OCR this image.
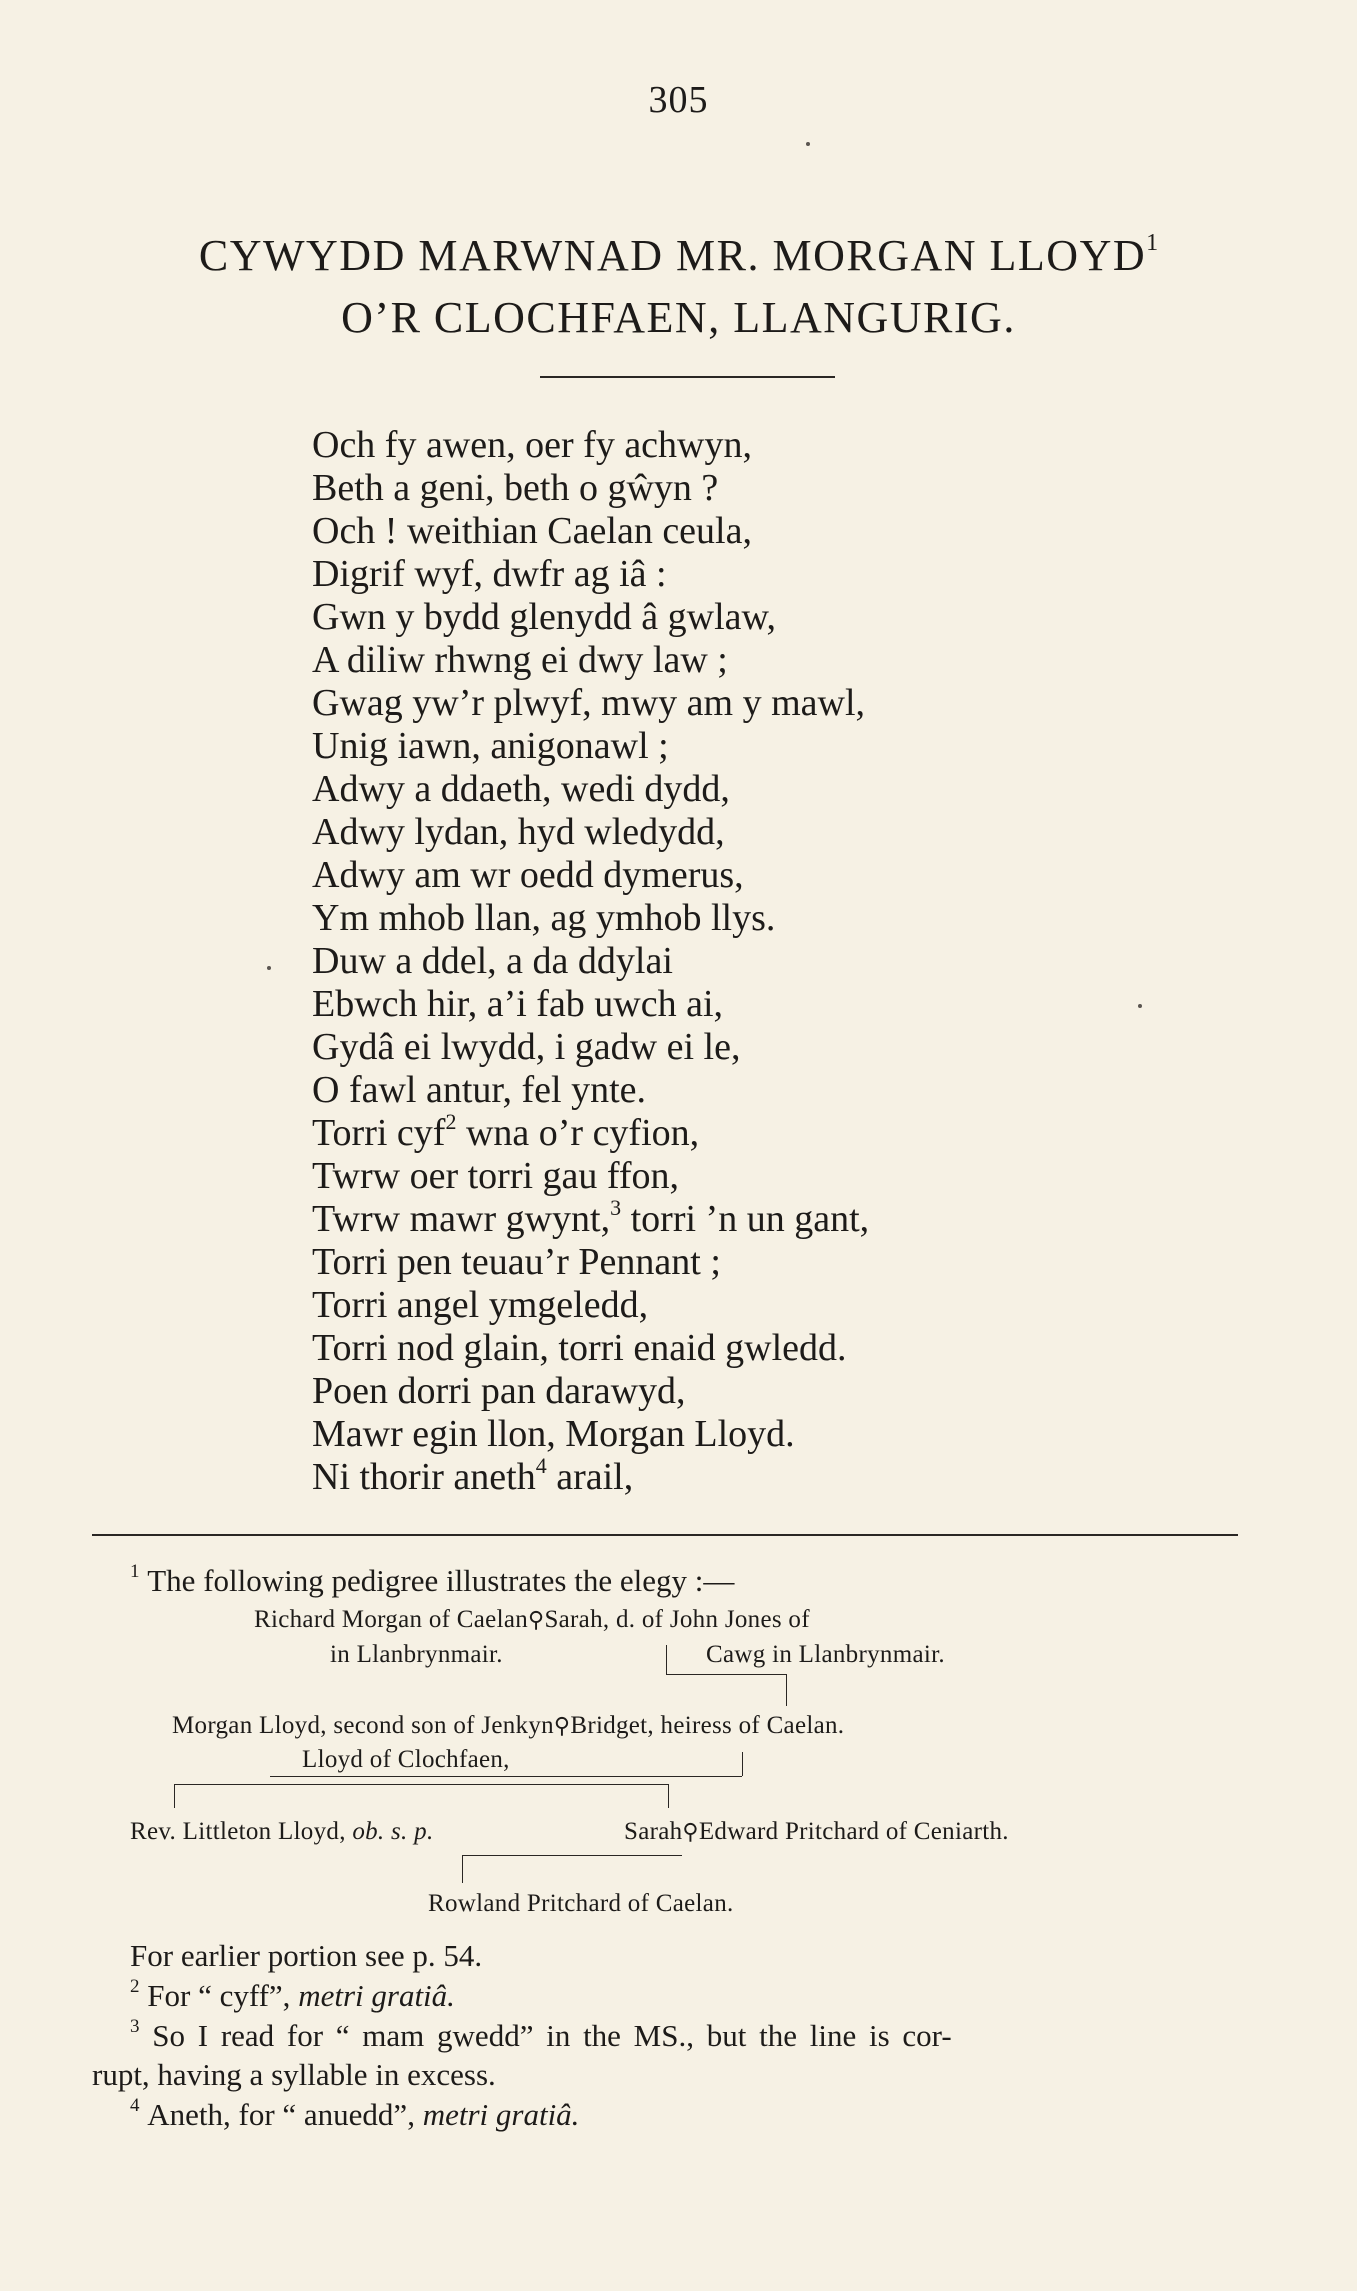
305
CYWYDD MARWNAD MR. MORGAN LLOYD$^1$
O’R CLOCHFAEN, LLANGURIG.
Och fy awen, oer fy achwyn,
Beth a geni, beth o gŵyn ?
Och ! weithian Caelan ceula,
Digrif wyf, dwfr ag iâ :
Gwn y bydd glenydd â gwlaw,
A diliw rhwng ei dwy law ;
Gwag yw’r plwyf, mwy am y mawl,
Unig iawn, anigonawl ;
Adwy a ddaeth, wedi dydd,
Adwy lydan, hyd wledydd,
Adwy am wr oedd dymerus,
Ym mhob llan, ag ymhob llys.
Duw a ddel, a da ddylai
Ebwch hir, a’i fab uwch ai,
Gydâ ei lwydd, i gadw ei le,
O fawl antur, fel ynte.
Torri cyf$^2$ wna o’r cyfion,
Twrw oer torri gau ffon,
Twrw mawr gwynt,$^3$ torri ’n un gant,
Torri pen teuau’r Pennant ;
Torri angel ymgeledd,
Torri nod glain, torri enaid gwledd.
Poen dorri pan darawyd,
Mawr egin llon, Morgan Lloyd.
Ni thorir aneth$^4$ arail,
$^1$ The following pedigree illustrates the elegy :—
Richard Morgan of Caelan⚲Sarah, d. of John Jones of
in Llanbrynmair.	Cawg in Llanbrynmair.
Morgan Lloyd, second son of Jenkyn⚲Bridget, heiress of Caelan.
Lloyd of Clochfaen,
Rev. Littleton Lloyd, ob. s. p.	Sarah⚲Edward Pritchard of Ceniarth.
Rowland Pritchard of Caelan.
For earlier portion see p. 54.
$^2$ For “ cyff”, metri gratiâ.
$^3$ So I read for “ mam gwedd” in the MS., but the line is cor-
rupt, having a syllable in excess.
$^4$ Aneth, for “ anuedd”, metri gratiâ.
